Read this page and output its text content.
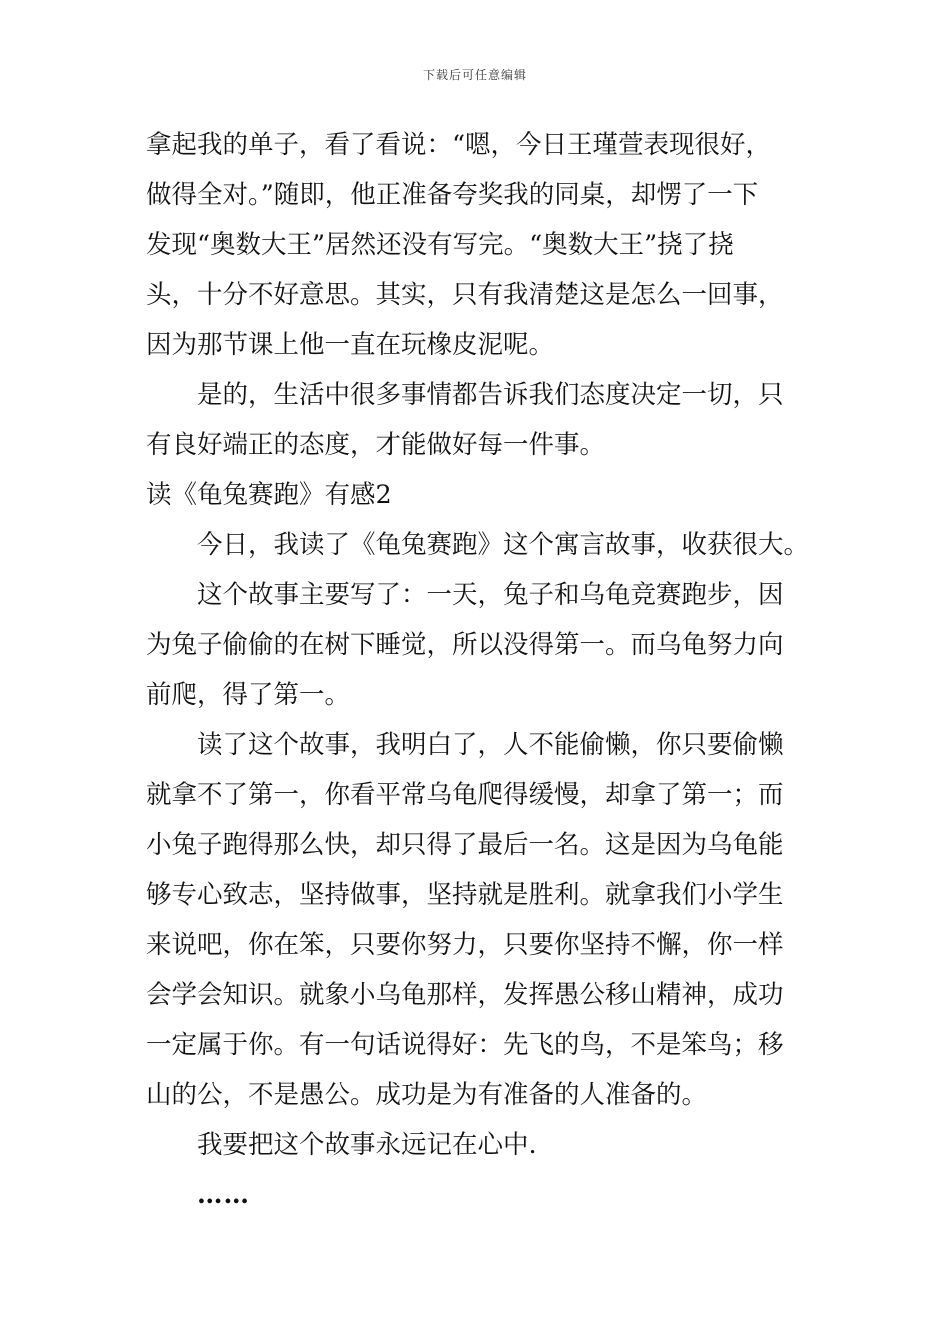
下载后可任意编辑
拿起我的单子，看了看说：“嗯，今日王瑾萱表现很好，
做得全对。”随即，他正准备夸奖我的同桌，却愣了一下
发现“奥数大王”居然还没有写完。“奥数大王”挠了挠
头，十分不好意思。其实，只有我清楚这是怎么一回事，
因为那节课上他一直在玩橡皮泥呢。
是的，生活中很多事情都告诉我们态度决定一切，只
有良好端正的态度，才能做好每一件事。
读《龟兔赛跑》有感2
今日，我读了《龟兔赛跑》这个寓言故事，收获很大。
这个故事主要写了：一天，兔子和乌龟竞赛跑步，因
为兔子偷偷的在树下睡觉，所以没得第一。而乌龟努力向
前爬，得了第一。
读了这个故事，我明白了，人不能偷懒，你只要偷懒
就拿不了第一，你看平常乌龟爬得缓慢，却拿了第一；而
小兔子跑得那么快，却只得了最后一名。这是因为乌龟能
够专心致志，坚持做事，坚持就是胜利。就拿我们小学生
来说吧，你在笨，只要你努力，只要你坚持不懈，你一样
会学会知识。就象小乌龟那样，发挥愚公移山精神，成功
一定属于你。有一句话说得好：先飞的鸟，不是笨鸟；移
山的公，不是愚公。成功是为有准备的人准备的。
我要把这个故事永远记在心中.
……
